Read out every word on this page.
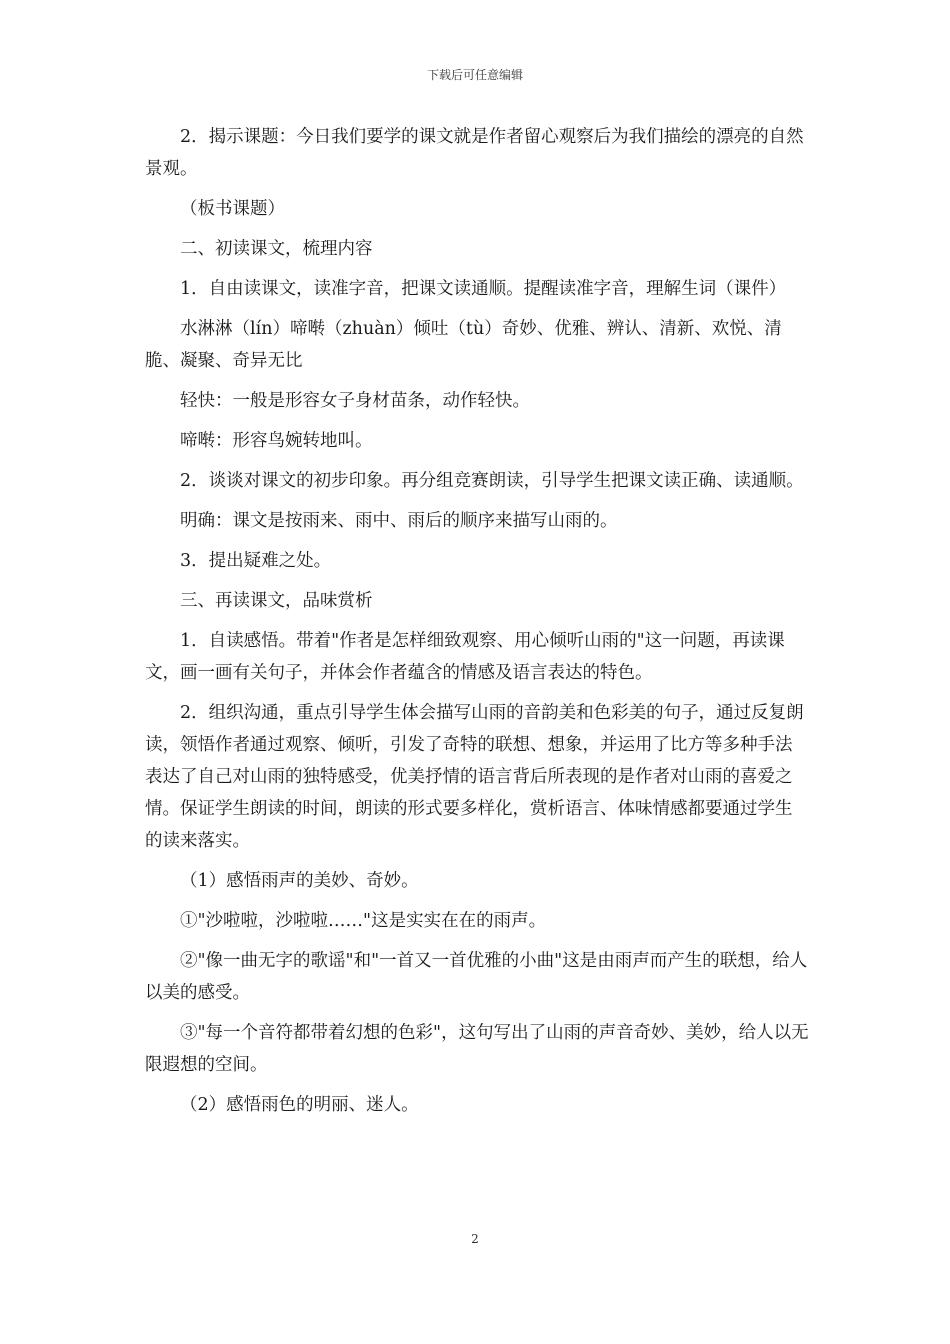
下载后可任意编辑

2．揭示课题：今日我们要学的课文就是作者留心观察后为我们描绘的漂亮的自然景观。

（板书课题）

二、初读课文，梳理内容

1．自由读课文，读准字音，把课文读通顺。提醒读准字音，理解生词（课件）

水淋淋（lín）啼啭（zhuàn）倾吐（tù）奇妙、优雅、辨认、清新、欢悦、清脆、凝聚、奇异无比

轻快：一般是形容女子身材苗条，动作轻快。

啼啭：形容鸟婉转地叫。

2．谈谈对课文的初步印象。再分组竞赛朗读，引导学生把课文读正确、读通顺。

明确：课文是按雨来、雨中、雨后的顺序来描写山雨的。

3．提出疑难之处。

三、再读课文，品味赏析

1．自读感悟。带着"作者是怎样细致观察、用心倾听山雨的"这一问题，再读课文，画一画有关句子，并体会作者蕴含的情感及语言表达的特色。

2．组织沟通，重点引导学生体会描写山雨的音韵美和色彩美的句子，通过反复朗读，领悟作者通过观察、倾听，引发了奇特的联想、想象，并运用了比方等多种手法表达了自己对山雨的独特感受，优美抒情的语言背后所表现的是作者对山雨的喜爱之情。保证学生朗读的时间，朗读的形式要多样化，赏析语言、体味情感都要通过学生的读来落实。

（1）感悟雨声的美妙、奇妙。

①"沙啦啦，沙啦啦……"这是实实在在的雨声。

②"像一曲无字的歌谣"和"一首又一首优雅的小曲"这是由雨声而产生的联想，给人以美的感受。

③"每一个音符都带着幻想的色彩"，这句写出了山雨的声音奇妙、美妙，给人以无限遐想的空间。

（2）感悟雨色的明丽、迷人。

2
